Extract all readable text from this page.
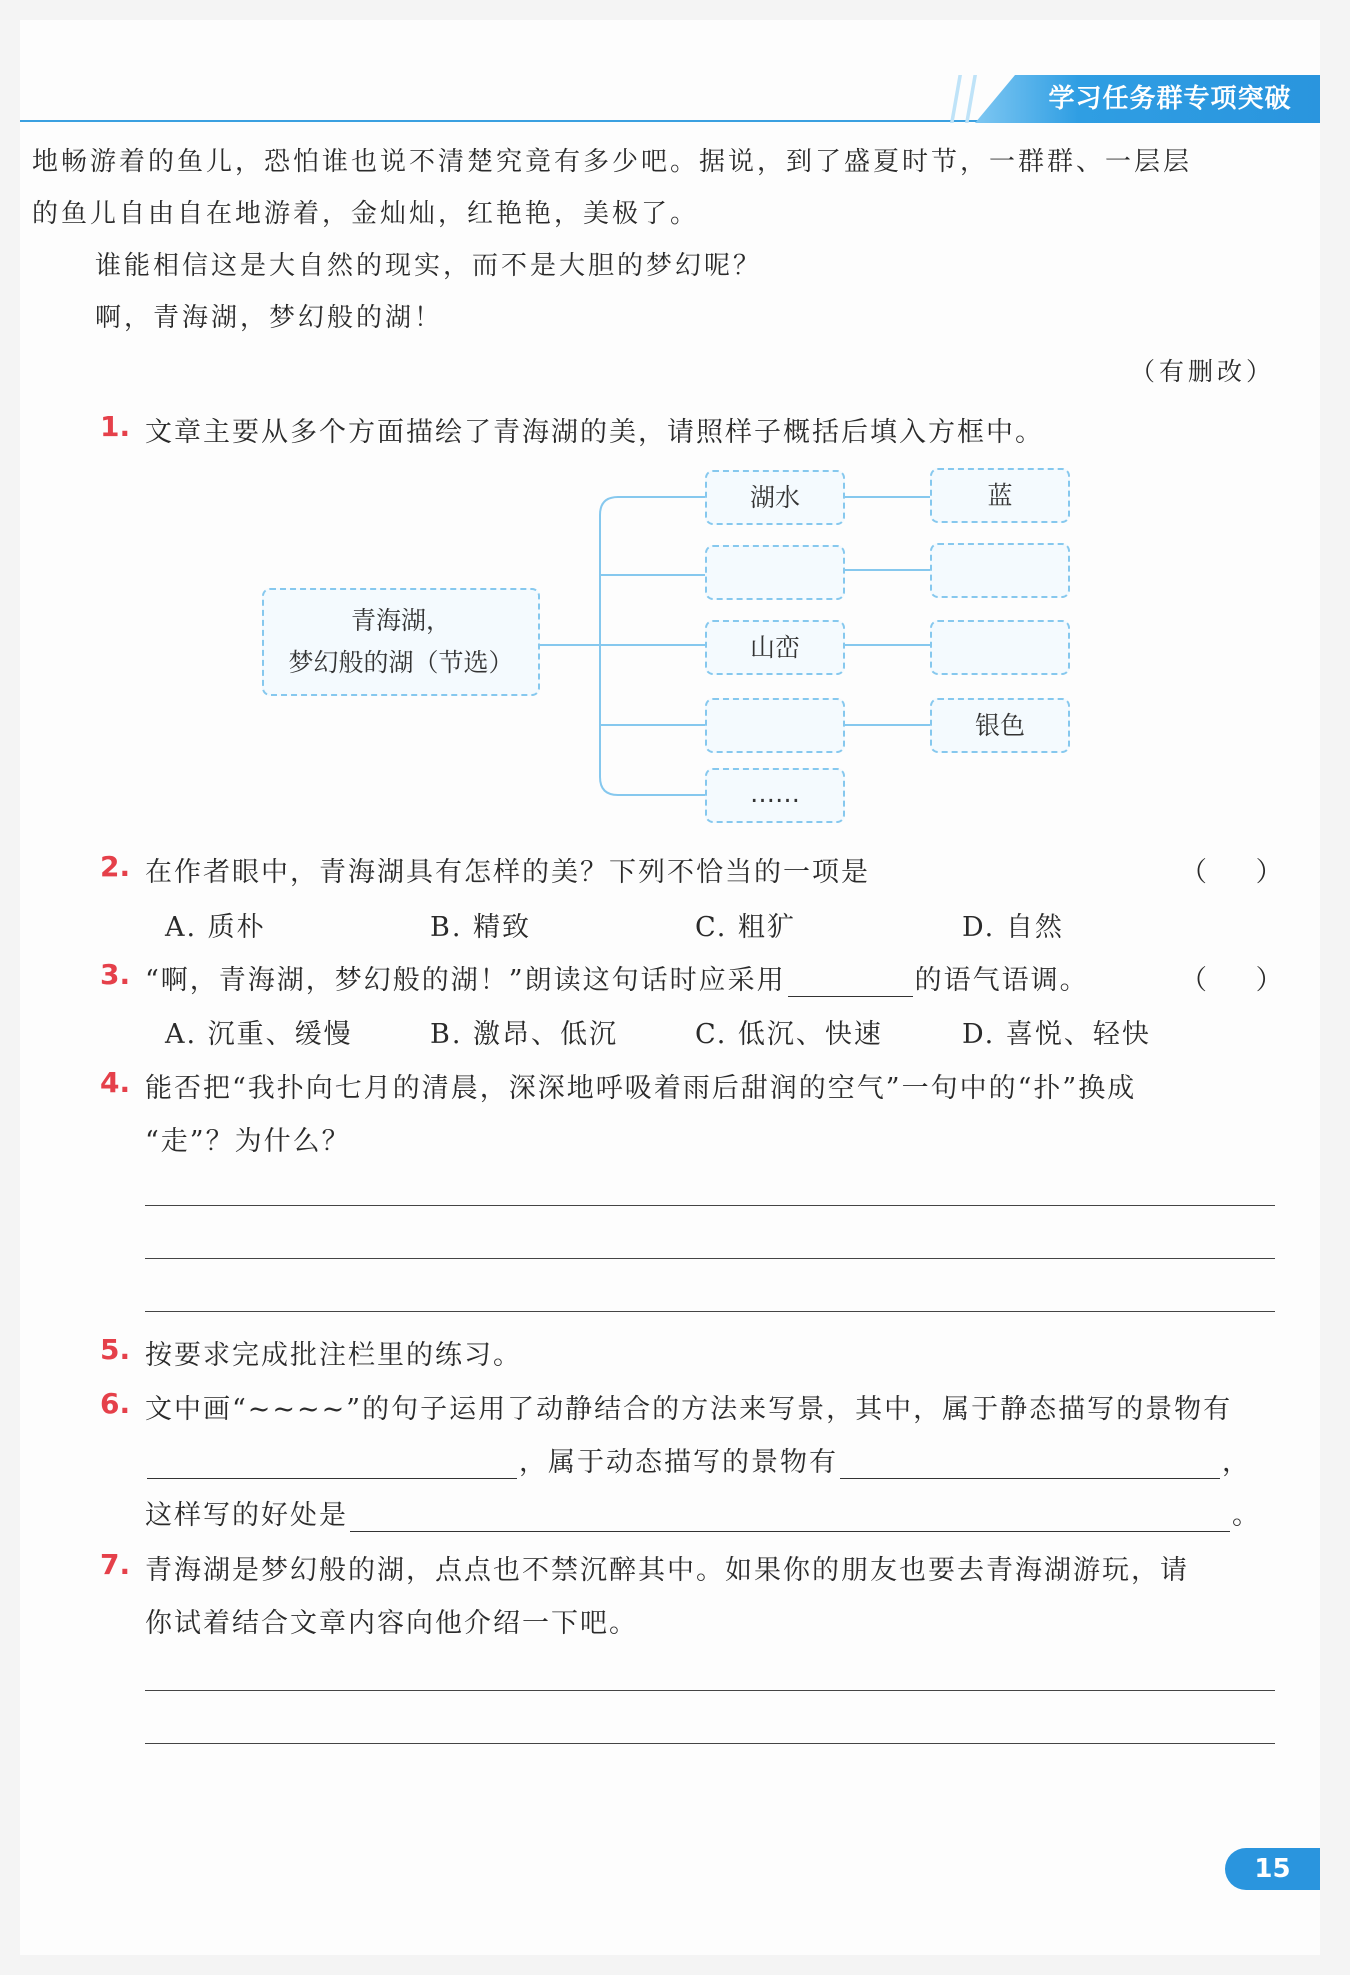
学习任务群专项突破
地畅游着的鱼儿，恐怕谁也说不清楚究竟有多少吧。据说，到了盛夏时节，一群群、一层层
的鱼儿自由自在地游着，金灿灿，红艳艳，美极了。
谁能相信这是大自然的现实，而不是大胆的梦幻呢？
啊，青海湖，梦幻般的湖！
（有删改）
1. 文章主要从多个方面描绘了青海湖的美，请照样子概括后填入方框中。
青海湖，
梦幻般的湖（节选）
湖水
山峦
……
蓝
银色
2. 在作者眼中，青海湖具有怎样的美？下列不恰当的一项是	（ ）
A. 质朴	B. 精致	C. 粗犷	D. 自然
3. “啊，青海湖，梦幻般的湖！”朗读这句话时应采用	的语气语调。	（ ）
A. 沉重、缓慢	B. 激昂、低沉	C. 低沉、快速	D. 喜悦、轻快
4. 能否把“我扑向七月的清晨，深深地呼吸着雨后甜润的空气”一句中的“扑”换成
“走”？为什么？
5. 按要求完成批注栏里的练习。
6. 文中画“~~~~”的句子运用了动静结合的方法来写景，其中，属于静态描写的景物有
，属于动态描写的景物有	，
这样写的好处是	。
7. 青海湖是梦幻般的湖，点点也不禁沉醉其中。如果你的朋友也要去青海湖游玩，请
你试着结合文章内容向他介绍一下吧。
15
